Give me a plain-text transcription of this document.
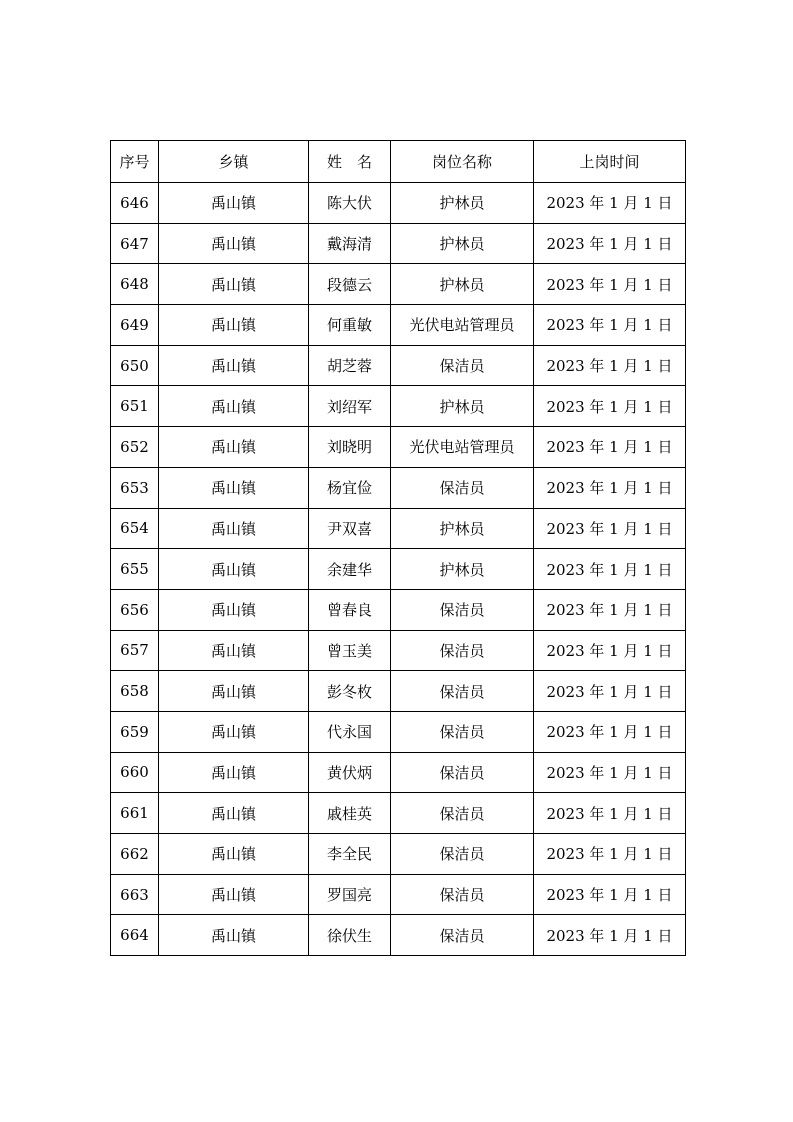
序号	乡镇	姓　名	岗位名称	上岗时间
646	禹山镇	陈大伏	护林员	2023 年 1 月 1 日
647	禹山镇	戴海清	护林员	2023 年 1 月 1 日
648	禹山镇	段德云	护林员	2023 年 1 月 1 日
649	禹山镇	何重敏	光伏电站管理员	2023 年 1 月 1 日
650	禹山镇	胡芝蓉	保洁员	2023 年 1 月 1 日
651	禹山镇	刘绍军	护林员	2023 年 1 月 1 日
652	禹山镇	刘晓明	光伏电站管理员	2023 年 1 月 1 日
653	禹山镇	杨宜俭	保洁员	2023 年 1 月 1 日
654	禹山镇	尹双喜	护林员	2023 年 1 月 1 日
655	禹山镇	余建华	护林员	2023 年 1 月 1 日
656	禹山镇	曾春良	保洁员	2023 年 1 月 1 日
657	禹山镇	曾玉美	保洁员	2023 年 1 月 1 日
658	禹山镇	彭冬枚	保洁员	2023 年 1 月 1 日
659	禹山镇	代永国	保洁员	2023 年 1 月 1 日
660	禹山镇	黄伏炳	保洁员	2023 年 1 月 1 日
661	禹山镇	戚桂英	保洁员	2023 年 1 月 1 日
662	禹山镇	李全民	保洁员	2023 年 1 月 1 日
663	禹山镇	罗国亮	保洁员	2023 年 1 月 1 日
664	禹山镇	徐伏生	保洁员	2023 年 1 月 1 日
